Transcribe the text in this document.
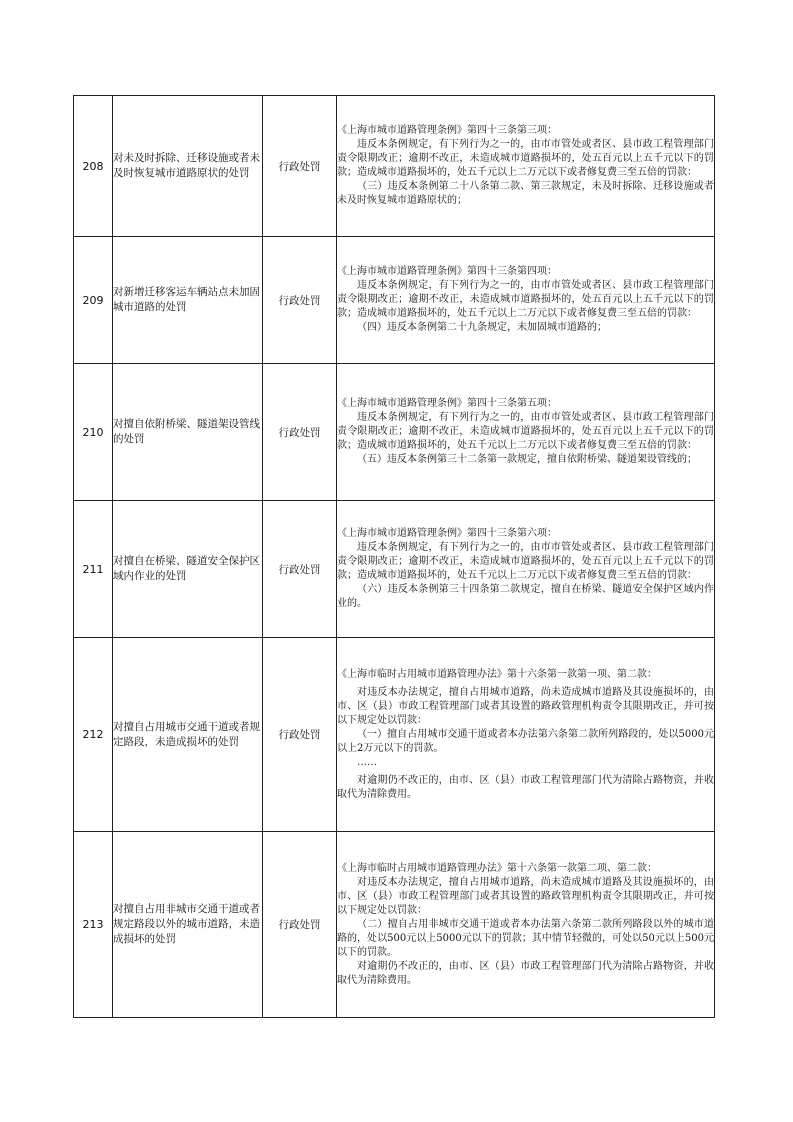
208	对未及时拆除、迁移设施或者未及时恢复城市道路原状的处罚	行政处罚	《上海市城市道路管理条例》第四十三条第三项：

违反本条例规定，有下列行为之一的，由市市管处或者区、县市政工程管理部门责令限期改正；逾期不改正，未造成城市道路损坏的，处五百元以上五千元以下的罚款；造成城市道路损坏的，处五千元以上二万元以下或者修复费三至五倍的罚款：

（三）违反本条例第二十八条第二款、第三款规定，未及时拆除、迁移设施或者未及时恢复城市道路原状的；

209	对新增迁移客运车辆站点未加固城市道路的处罚	行政处罚	《上海市城市道路管理条例》第四十三条第四项：

违反本条例规定，有下列行为之一的，由市市管处或者区、县市政工程管理部门责令限期改正；逾期不改正，未造成城市道路损坏的，处五百元以上五千元以下的罚款；造成城市道路损坏的，处五千元以上二万元以下或者修复费三至五倍的罚款：

（四）违反本条例第二十九条规定，未加固城市道路的；

210	对擅自依附桥梁、隧道架设管线的处罚	行政处罚	《上海市城市道路管理条例》第四十三条第五项：

违反本条例规定，有下列行为之一的，由市市管处或者区、县市政工程管理部门责令限期改正；逾期不改正，未造成城市道路损坏的，处五百元以上五千元以下的罚款；造成城市道路损坏的，处五千元以上二万元以下或者修复费三至五倍的罚款：

（五）违反本条例第三十二条第一款规定，擅自依附桥梁、隧道架设管线的；

211	对擅自在桥梁、隧道安全保护区域内作业的处罚	行政处罚	《上海市城市道路管理条例》第四十三条第六项：

违反本条例规定，有下列行为之一的，由市市管处或者区、县市政工程管理部门责令限期改正；逾期不改正，未造成城市道路损坏的，处五百元以上五千元以下的罚款；造成城市道路损坏的，处五千元以上二万元以下或者修复费三至五倍的罚款：

（六）违反本条例第三十四条第二款规定，擅自在桥梁、隧道安全保护区域内作业的。

212	对擅自占用城市交通干道或者规定路段，未造成损坏的处罚	行政处罚	《上海市临时占用城市道路管理办法》第十六条第一款第一项、第二款：

对违反本办法规定，擅自占用城市道路，尚未造成城市道路及其设施损坏的，由市、区（县）市政工程管理部门或者其设置的路政管理机构责令其限期改正，并可按以下规定处以罚款：

（一）擅自占用城市交通干道或者本办法第六条第二款所列路段的，处以5000元以上2万元以下的罚款。

……

对逾期仍不改正的，由市、区（县）市政工程管理部门代为清除占路物资，并收取代为清除费用。

213	对擅自占用非城市交通干道或者规定路段以外的城市道路，未造成损坏的处罚	行政处罚	《上海市临时占用城市道路管理办法》第十六条第一款第二项、第二款：

对违反本办法规定，擅自占用城市道路，尚未造成城市道路及其设施损坏的，由市、区（县）市政工程管理部门或者其设置的路政管理机构责令其限期改正，并可按以下规定处以罚款：

（二）擅自占用非城市交通干道或者本办法第六条第二款所列路段以外的城市道路的，处以500元以上5000元以下的罚款；其中情节轻微的，可处以50元以上500元以下的罚款。

对逾期仍不改正的，由市、区（县）市政工程管理部门代为清除占路物资，并收取代为清除费用。
